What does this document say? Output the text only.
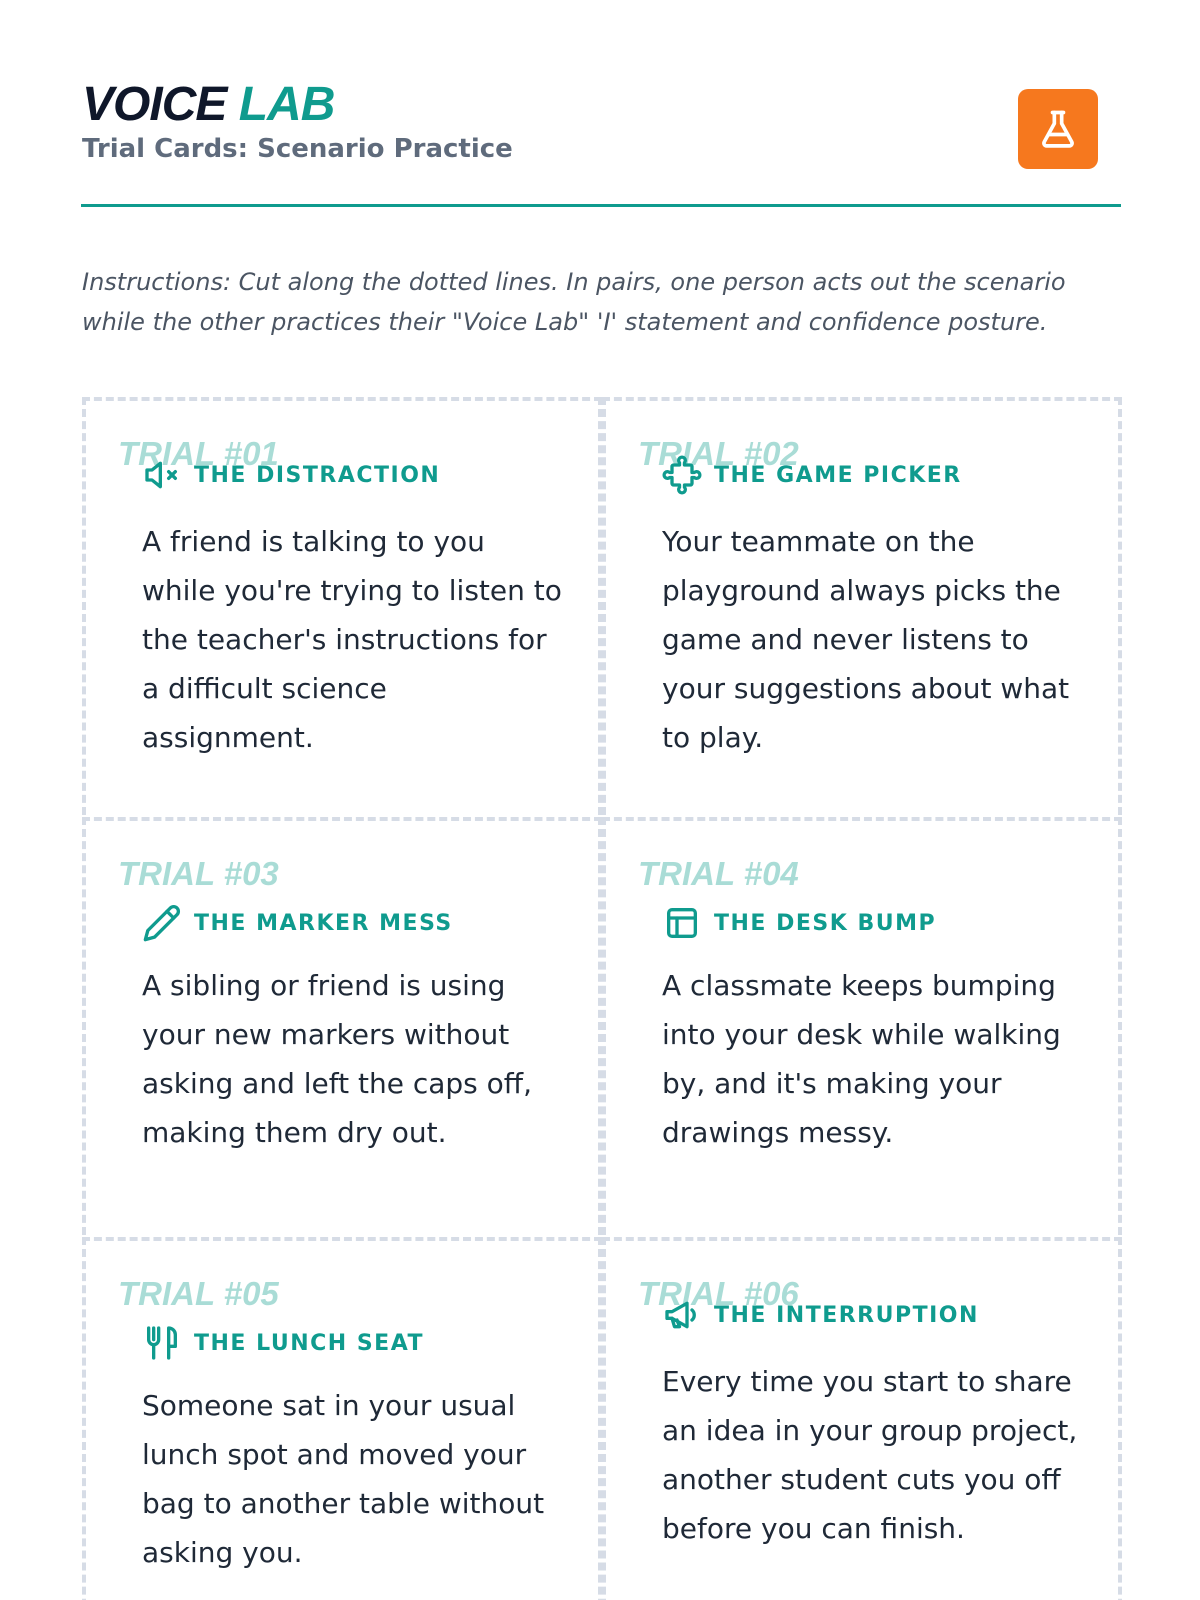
VOICE LAB
Trial Cards: Scenario Practice

Instructions: Cut along the dotted lines. In pairs, one person acts out the scenario while the other practices their "Voice Lab" 'I' statement and confidence posture.

TRIAL #01
THE DISTRACTION
A friend is talking to you while you're trying to listen to the teacher's instructions for a difficult science assignment.
TRIAL #02
THE GAME PICKER
Your teammate on the playground always picks the game and never listens to your suggestions about what to play.
TRIAL #03
THE MARKER MESS
A sibling or friend is using your new markers without asking and left the caps off, making them dry out.
TRIAL #04
THE DESK BUMP
A classmate keeps bumping into your desk while walking by, and it's making your drawings messy.
TRIAL #05
THE LUNCH SEAT
Someone sat in your usual lunch spot and moved your bag to another table without asking you.
TRIAL #06
THE INTERRUPTION
Every time you start to share an idea in your group project, another student cuts you off before you can finish.
